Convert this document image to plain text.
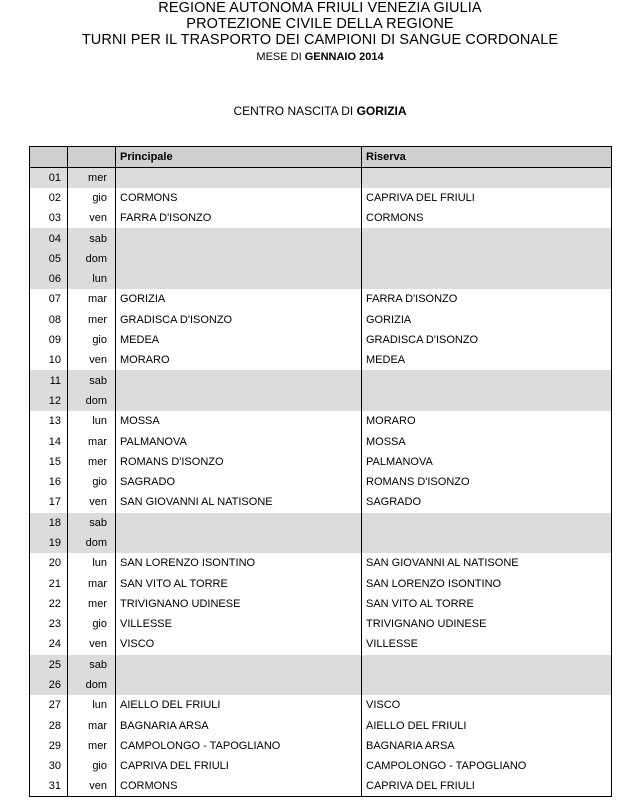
REGIONE AUTONOMA FRIULI VENEZIA GIULIA
PROTEZIONE CIVILE DELLA REGIONE
TURNI PER IL TRASPORTO DEI CAMPIONI DI SANGUE CORDONALE
MESE DI GENNAIO 2014
CENTRO NASCITA DI GORIZIA
		Principale	Riserva
01	mer		
02	gio	CORMONS	CAPRIVA DEL FRIULI
03	ven	FARRA D'ISONZO	CORMONS
04	sab		
05	dom		
06	lun		
07	mar	GORIZIA	FARRA D'ISONZO
08	mer	GRADISCA D'ISONZO	GORIZIA
09	gio	MEDEA	GRADISCA D'ISONZO
10	ven	MORARO	MEDEA
11	sab		
12	dom		
13	lun	MOSSA	MORARO
14	mar	PALMANOVA	MOSSA
15	mer	ROMANS D'ISONZO	PALMANOVA
16	gio	SAGRADO	ROMANS D'ISONZO
17	ven	SAN GIOVANNI AL NATISONE	SAGRADO
18	sab		
19	dom		
20	lun	SAN LORENZO ISONTINO	SAN GIOVANNI AL NATISONE
21	mar	SAN VITO AL TORRE	SAN LORENZO ISONTINO
22	mer	TRIVIGNANO UDINESE	SAN VITO AL TORRE
23	gio	VILLESSE	TRIVIGNANO UDINESE
24	ven	VISCO	VILLESSE
25	sab		
26	dom		
27	lun	AIELLO DEL FRIULI	VISCO
28	mar	BAGNARIA ARSA	AIELLO DEL FRIULI
29	mer	CAMPOLONGO - TAPOGLIANO	BAGNARIA ARSA
30	gio	CAPRIVA DEL FRIULI	CAMPOLONGO - TAPOGLIANO
31	ven	CORMONS	CAPRIVA DEL FRIULI
